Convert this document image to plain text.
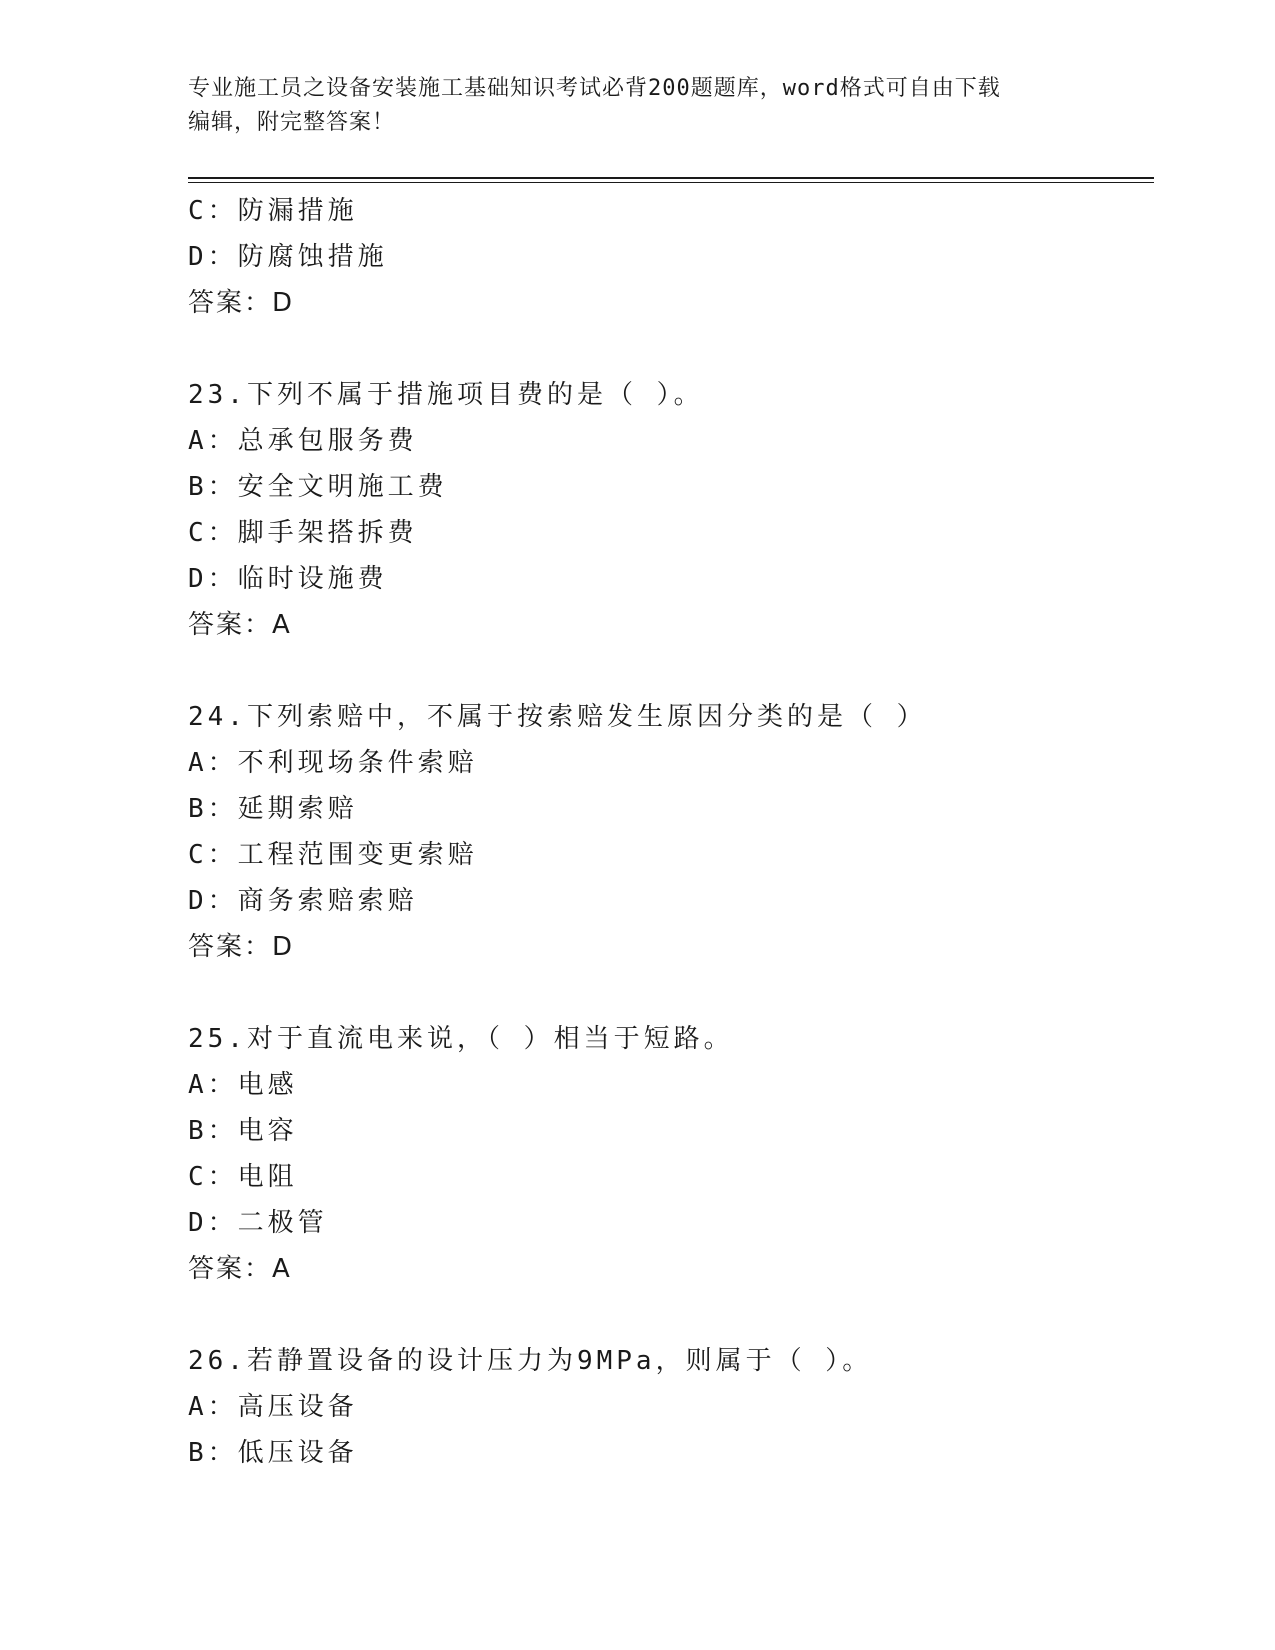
专业施工员之设备安装施工基础知识考试必背200题题库，word格式可自由下载
编辑，附完整答案！
C：防漏措施
D：防腐蚀措施
答案：D
23.下列不属于措施项目费的是（ ）。
A：总承包服务费
B：安全文明施工费
C：脚手架搭拆费
D：临时设施费
答案：A
24.下列索赔中，不属于按索赔发生原因分类的是（ ）
A：不利现场条件索赔
B：延期索赔
C：工程范围变更索赔
D：商务索赔索赔
答案：D
25.对于直流电来说，（ ）相当于短路。
A：电感
B：电容
C：电阻
D：二极管
答案：A
26.若静置设备的设计压力为9MPa，则属于（ ）。
A：高压设备
B：低压设备
